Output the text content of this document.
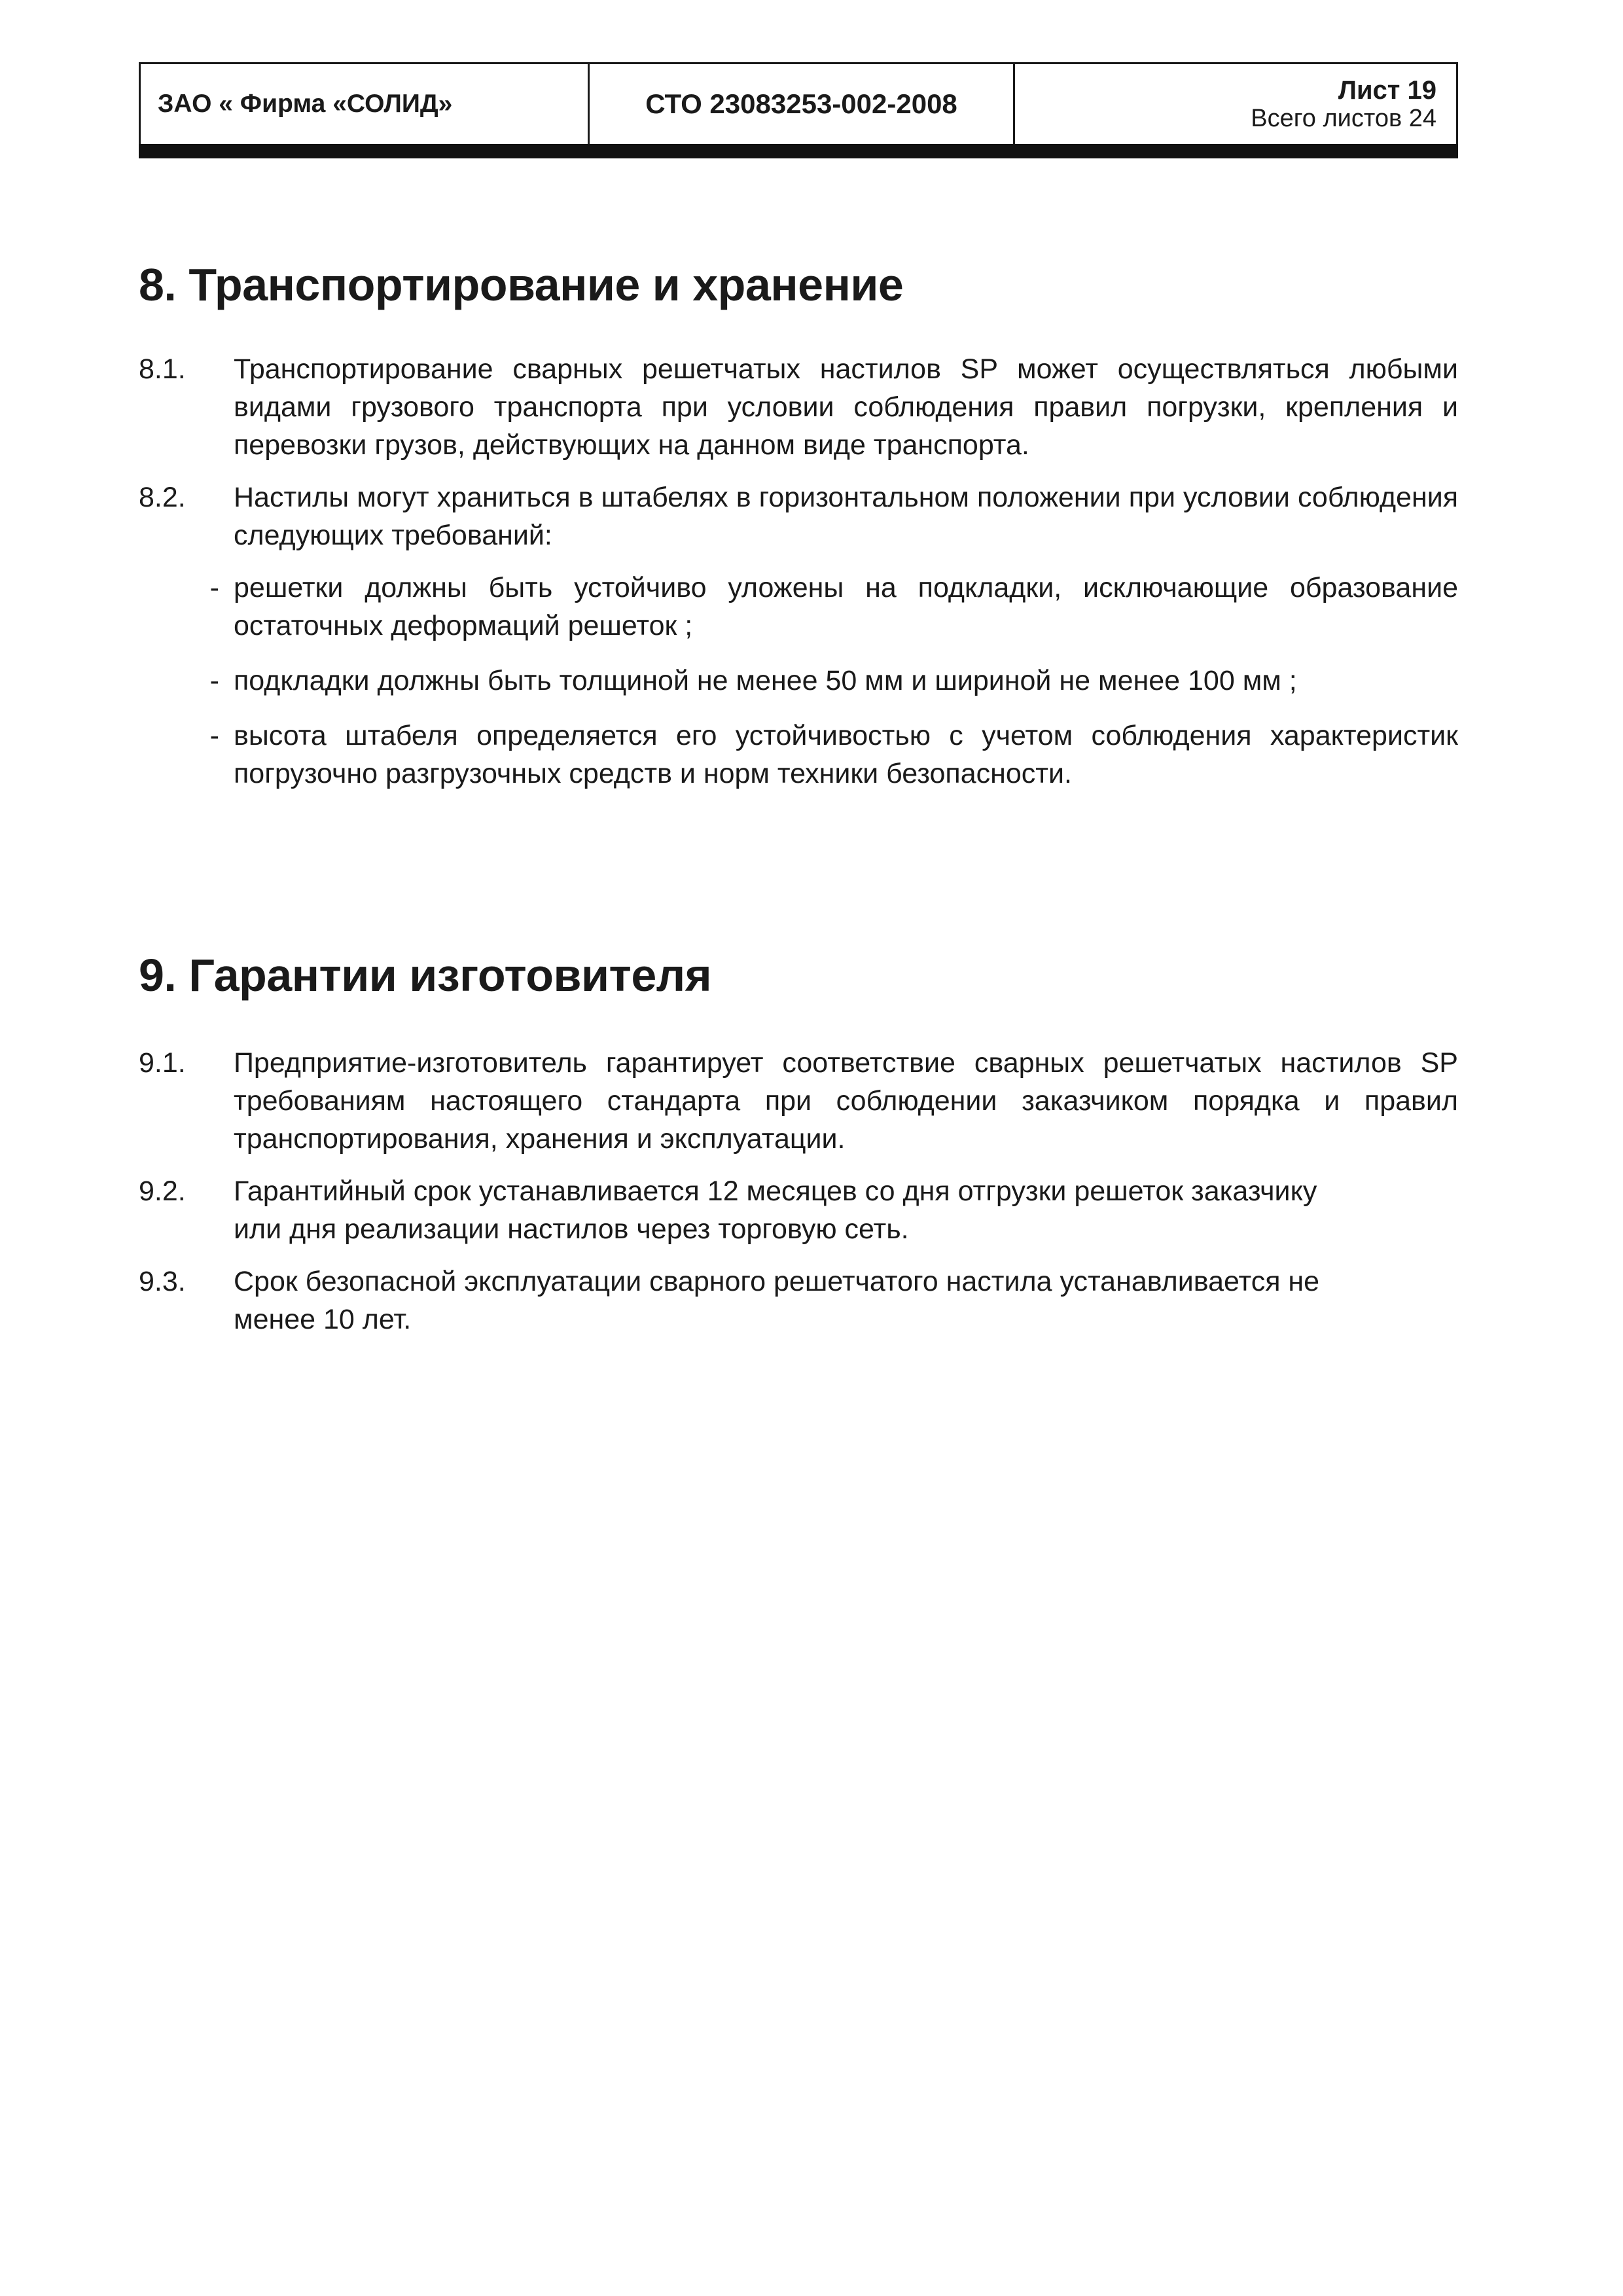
ЗАО « Фирма «СОЛИД»	СТО 23083253-002-2008	Лист 19
Всего листов 24
8. Транспортирование и хранение
8.1.	Транспортирование сварных решетчатых настилов SP может осуществляться любыми видами грузового транспорта при условии соблюдения правил погрузки, крепления и перевозки грузов, действующих на данном виде транспорта.
8.2.	Настилы могут храниться в штабелях в горизонтальном положении при условии соблюдения следующих требований:
- решетки должны быть устойчиво уложены на подкладки, исключающие образование остаточных деформаций решеток ;
- подкладки должны быть толщиной не менее 50 мм и шириной не менее 100 мм ;
- высота штабеля определяется его устойчивостью с учетом соблюдения характеристик погрузочно разгрузочных средств и норм техники безопасности.
9. Гарантии изготовителя
9.1.	Предприятие-изготовитель гарантирует соответствие сварных решетчатых настилов SP требованиям настоящего стандарта при соблюдении заказчиком порядка и правил транспортирования, хранения и эксплуатации.
9.2.	Гарантийный срок устанавливается 12 месяцев со дня отгрузки решеток заказчику или дня реализации настилов через торговую сеть.
9.3.	Срок безопасной эксплуатации сварного решетчатого настила устанавливается не менее 10 лет.
